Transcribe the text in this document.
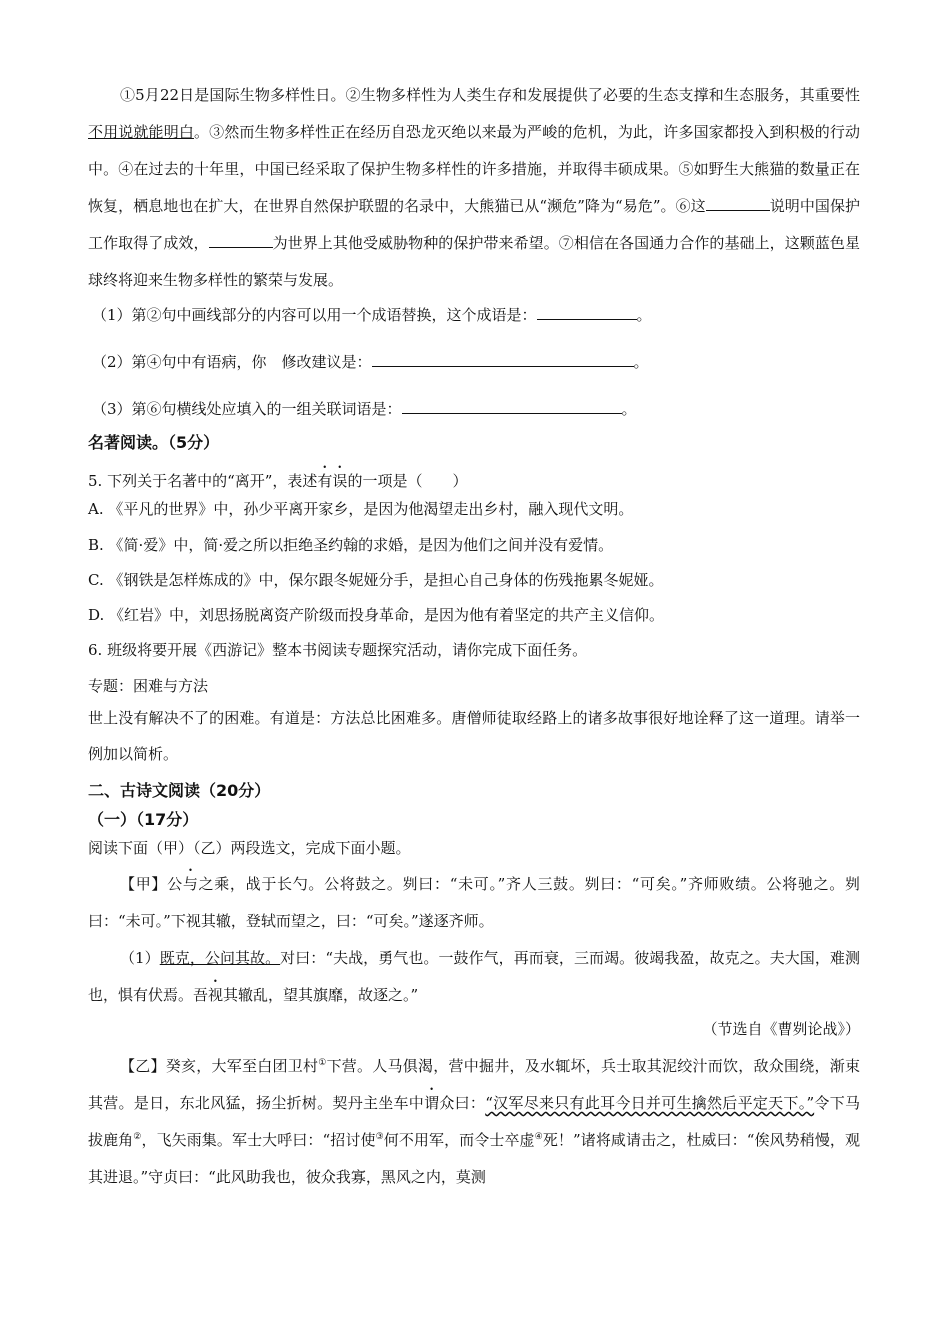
①5月22日是国际生物多样性日。②生物多样性为人类生存和发展提供了必要的生态支撑和生态服务，其重要性不用说就能明白。③然而生物多样性正在经历自恐龙灭绝以来最为严峻的危机，为此，许多国家都投入到积极的行动中。④在过去的十年里，中国已经采取了保护生物多样性的许多措施，并取得丰硕成果。⑤如野生大熊猫的数量正在恢复，栖息地也在扩大，在世界自然保护联盟的名录中，大熊猫已从“濒危”降为“易危”。⑥这	说明中国保护工作取得了成效，	为世界上其他受威胁物种的保护带来希望。⑦相信在各国通力合作的基础上，这颗蓝色星球终将迎来生物多样性的繁荣与发展。

（1）第②句中画线部分的内容可以用一个成语替换，这个成语是：	。
（2）第④句中有语病，你　修改建议是：	。
（3）第⑥句横线处应填入的一组关联词语是：	。
名著阅读。（5分）
5. 下列关于名著中的“离开”，表述有误的一项是（　　）
A. 《平凡的世界》中，孙少平离开家乡，是因为他渴望走出乡村，融入现代文明。
B. 《简·爱》中，简·爱之所以拒绝圣约翰的求婚，是因为他们之间并没有爱情。
C. 《钢铁是怎样炼成的》中，保尔跟冬妮娅分手，是担心自己身体的伤残拖累冬妮娅。
D. 《红岩》中，刘思扬脱离资产阶级而投身革命，是因为他有着坚定的共产主义信仰。
6. 班级将要开展《西游记》整本书阅读专题探究活动，请你完成下面任务。
专题：困难与方法

世上没有解决不了的困难。有道是：方法总比困难多。唐僧师徒取经路上的诸多故事很好地诠释了这一道理。请举一例加以简析。

二、古诗文阅读（20分）
（一）（17分）
阅读下面（甲）（乙）两段选文，完成下面小题。

【甲】公与之乘，战于长勺。公将鼓之。刿曰：“未可。”齐人三鼓。刿曰：“可矣。”齐师败绩。公将驰之。刿曰：“未可。”下视其辙，登轼而望之，曰：“可矣。”遂逐齐师。

（1）既克，公问其故。对曰：“夫战，勇气也。一鼓作气，再而衰，三而竭。彼竭我盈，故克之。夫大国，难测也，惧有伏焉。吾视其辙乱，望其旗靡，故逐之。”

（节选自《曹刿论战》）

【乙】癸亥，大军至白团卫村①下营。人马俱渴，营中掘井，及水辄坏，兵士取其泥绞汁而饮，敌众围绕，渐束其营。是日，东北风猛，扬尘折树。契丹主坐车中谓众曰：“汉军尽来只有此耳今日并可生擒然后平定天下。”令下马拔鹿角②，飞矢雨集。军士大呼曰：“招讨使③何不用军，而令士卒虚④死！”诸将咸请击之，杜威曰：“俟风势稍慢，观其进退。”守贞曰：“此风助我也，彼众我寡，黑风之内，莫测
